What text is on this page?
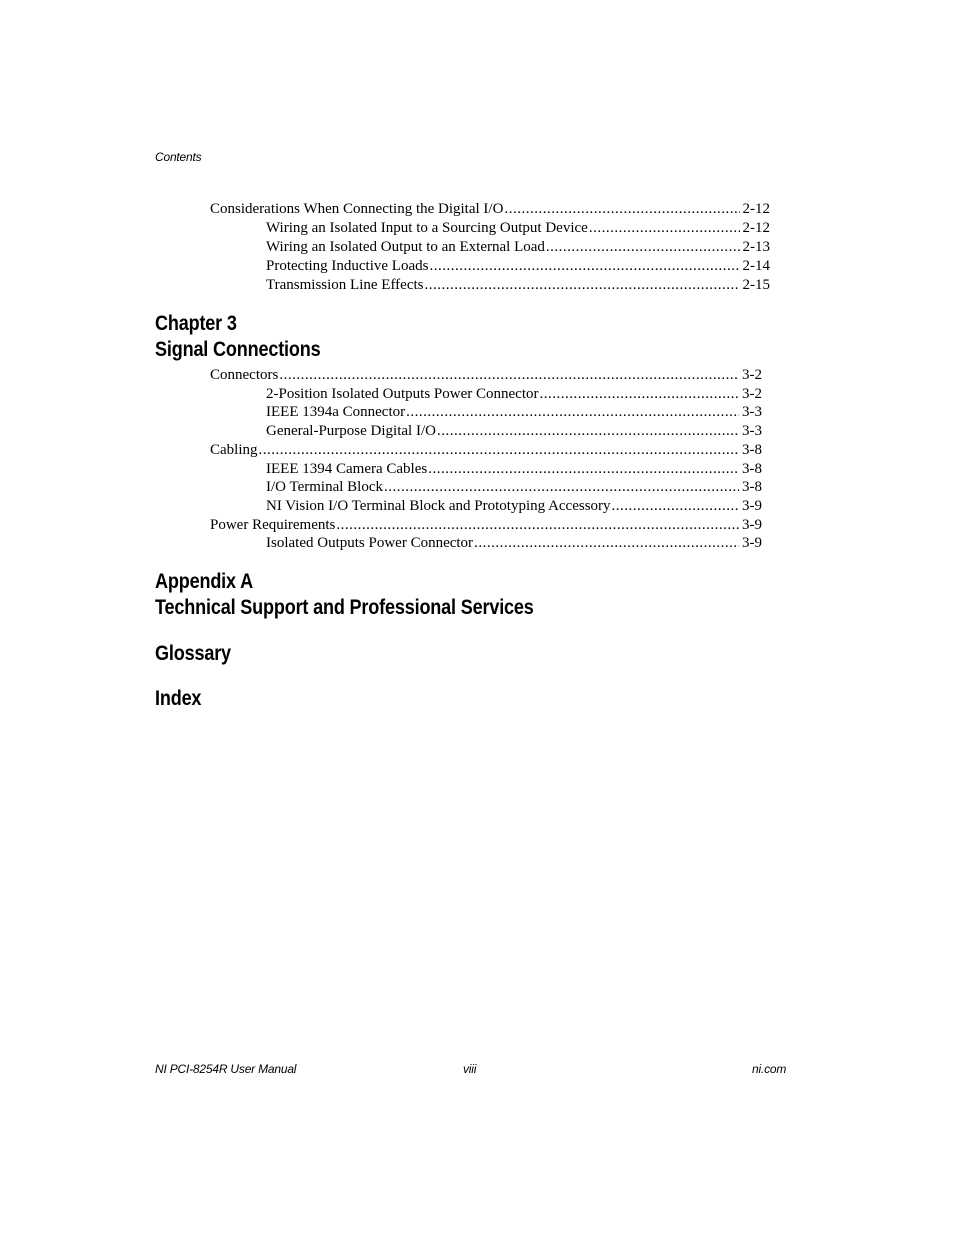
Contents
Considerations When Connecting the Digital I/O .....	2-12
Wiring an Isolated Input to a Sourcing Output Device .....	2-12
Wiring an Isolated Output to an External Load .....	2-13
Protecting Inductive Loads .....	2-14
Transmission Line Effects .....	2-15
Chapter 3
Signal Connections
Connectors .....	3-2
2-Position Isolated Outputs Power Connector .....	3-2
IEEE 1394a Connector .....	3-3
General-Purpose Digital I/O .....	3-3
Cabling .....	3-8
IEEE 1394 Camera Cables .....	3-8
I/O Terminal Block .....	3-8
NI Vision I/O Terminal Block and Prototyping Accessory .....	3-9
Power Requirements .....	3-9
Isolated Outputs Power Connector .....	3-9
Appendix A
Technical Support and Professional Services
Glossary
Index
NI PCI-8254R User Manual	viii	ni.com
